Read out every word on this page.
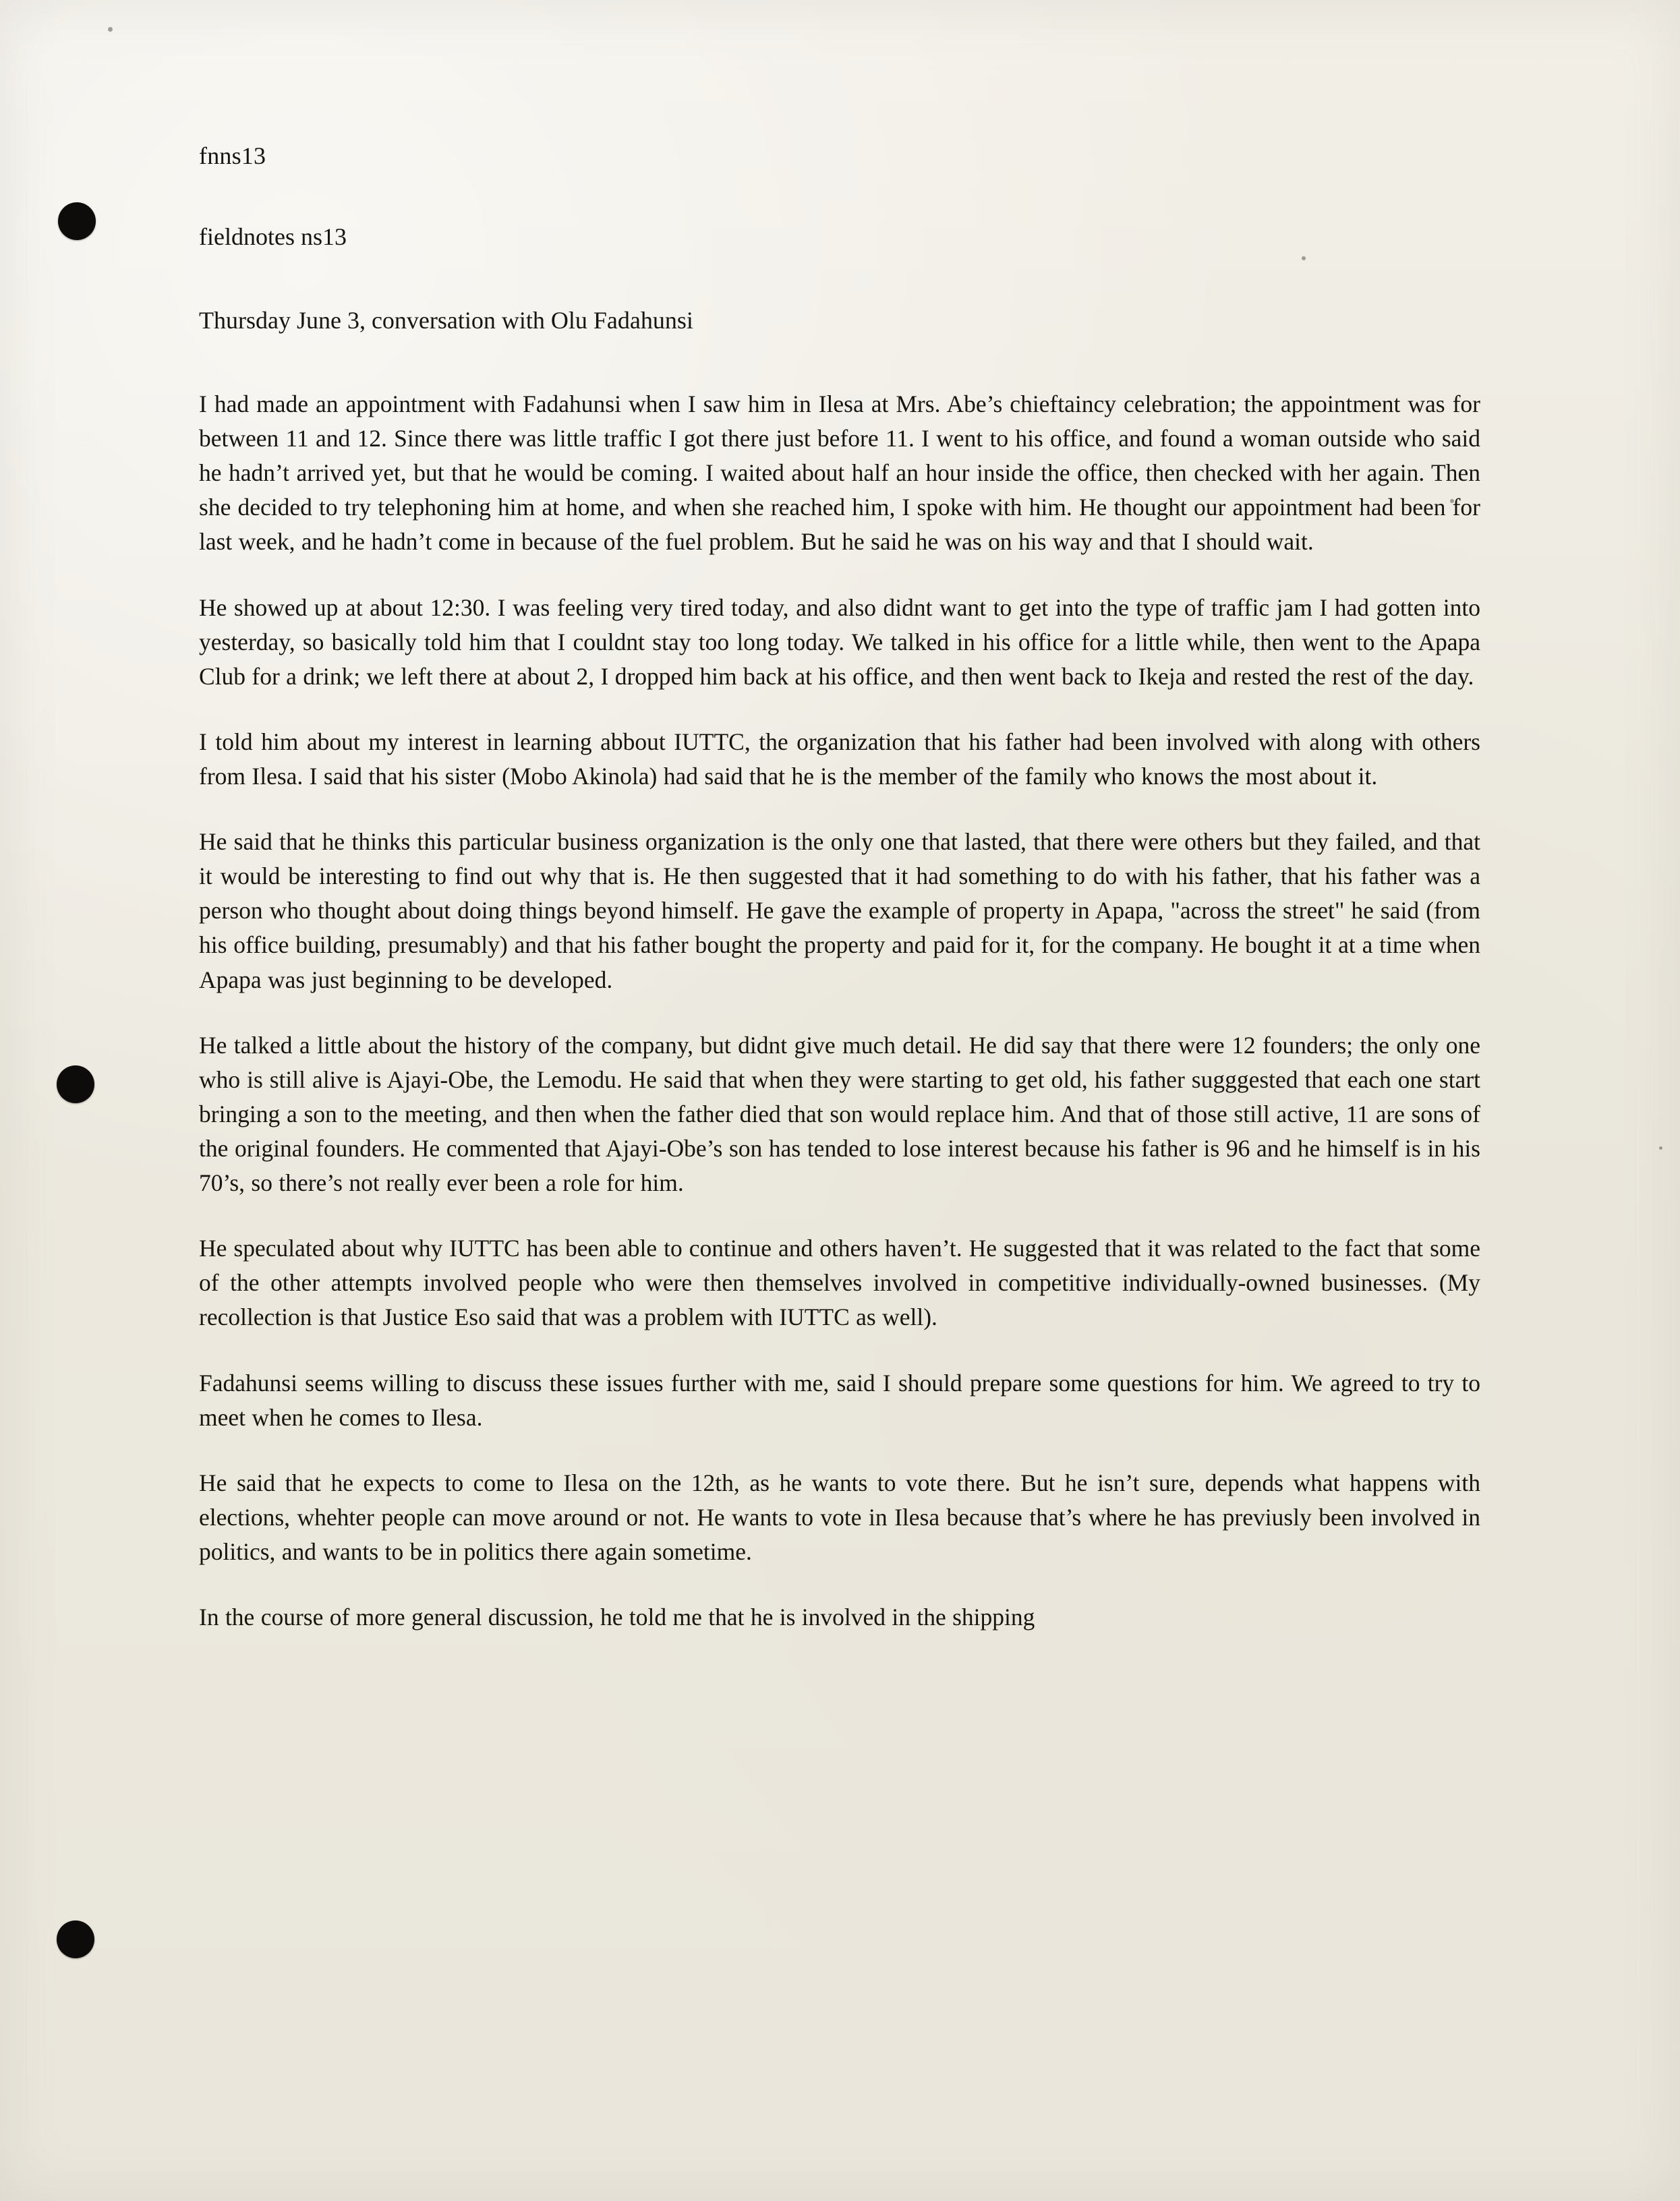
fnns13
fieldnotes ns13
Thursday June 3, conversation with Olu Fadahunsi

I had made an appointment with Fadahunsi when I saw him in Ilesa at Mrs. Abe’s chieftaincy celebration; the appointment was for between 11 and 12. Since there was little traffic I got there just before 11. I went to his office, and found a woman outside who said he hadn’t arrived yet, but that he would be coming. I waited about half an hour inside the office, then checked with her again. Then she decided to try telephoning him at home, and when she reached him, I spoke with him. He thought our appointment had been for last week, and he hadn’t come in because of the fuel problem. But he said he was on his way and that I should wait.

He showed up at about 12:30. I was feeling very tired today, and also didnt want to get into the type of traffic jam I had gotten into yesterday, so basically told him that I couldnt stay too long today. We talked in his office for a little while, then went to the Apapa Club for a drink; we left there at about 2, I dropped him back at his office, and then went back to Ikeja and rested the rest of the day.

I told him about my interest in learning abbout IUTTC, the organization that his father had been involved with along with others from Ilesa. I said that his sister (Mobo Akinola) had said that he is the member of the family who knows the most about it.

He said that he thinks this particular business organization is the only one that lasted, that there were others but they failed, and that it would be interesting to find out why that is. He then suggested that it had something to do with his father, that his father was a person who thought about doing things beyond himself. He gave the example of property in Apapa, "across the street" he said (from his office building, presumably) and that his father bought the property and paid for it, for the company. He bought it at a time when Apapa was just beginning to be developed.

He talked a little about the history of the company, but didnt give much detail. He did say that there were 12 founders; the only one who is still alive is Ajayi-Obe, the Lemodu. He said that when they were starting to get old, his father sugggested that each one start bringing a son to the meeting, and then when the father died that son would replace him. And that of those still active, 11 are sons of the original founders. He commented that Ajayi-Obe’s son has tended to lose interest because his father is 96 and he himself is in his 70’s, so there’s not really ever been a role for him.

He speculated about why IUTTC has been able to continue and others haven’t. He suggested that it was related to the fact that some of the other attempts involved people who were then themselves involved in competitive individually-owned businesses. (My recollection is that Justice Eso said that was a problem with IUTTC as well).

Fadahunsi seems willing to discuss these issues further with me, said I should prepare some questions for him. We agreed to try to meet when he comes to Ilesa.

He said that he expects to come to Ilesa on the 12th, as he wants to vote there. But he isn’t sure, depends what happens with elections, whehter people can move around or not. He wants to vote in Ilesa because that’s where he has previusly been involved in politics, and wants to be in politics there again sometime.

In the course of more general discussion, he told me that he is involved in the shipping
